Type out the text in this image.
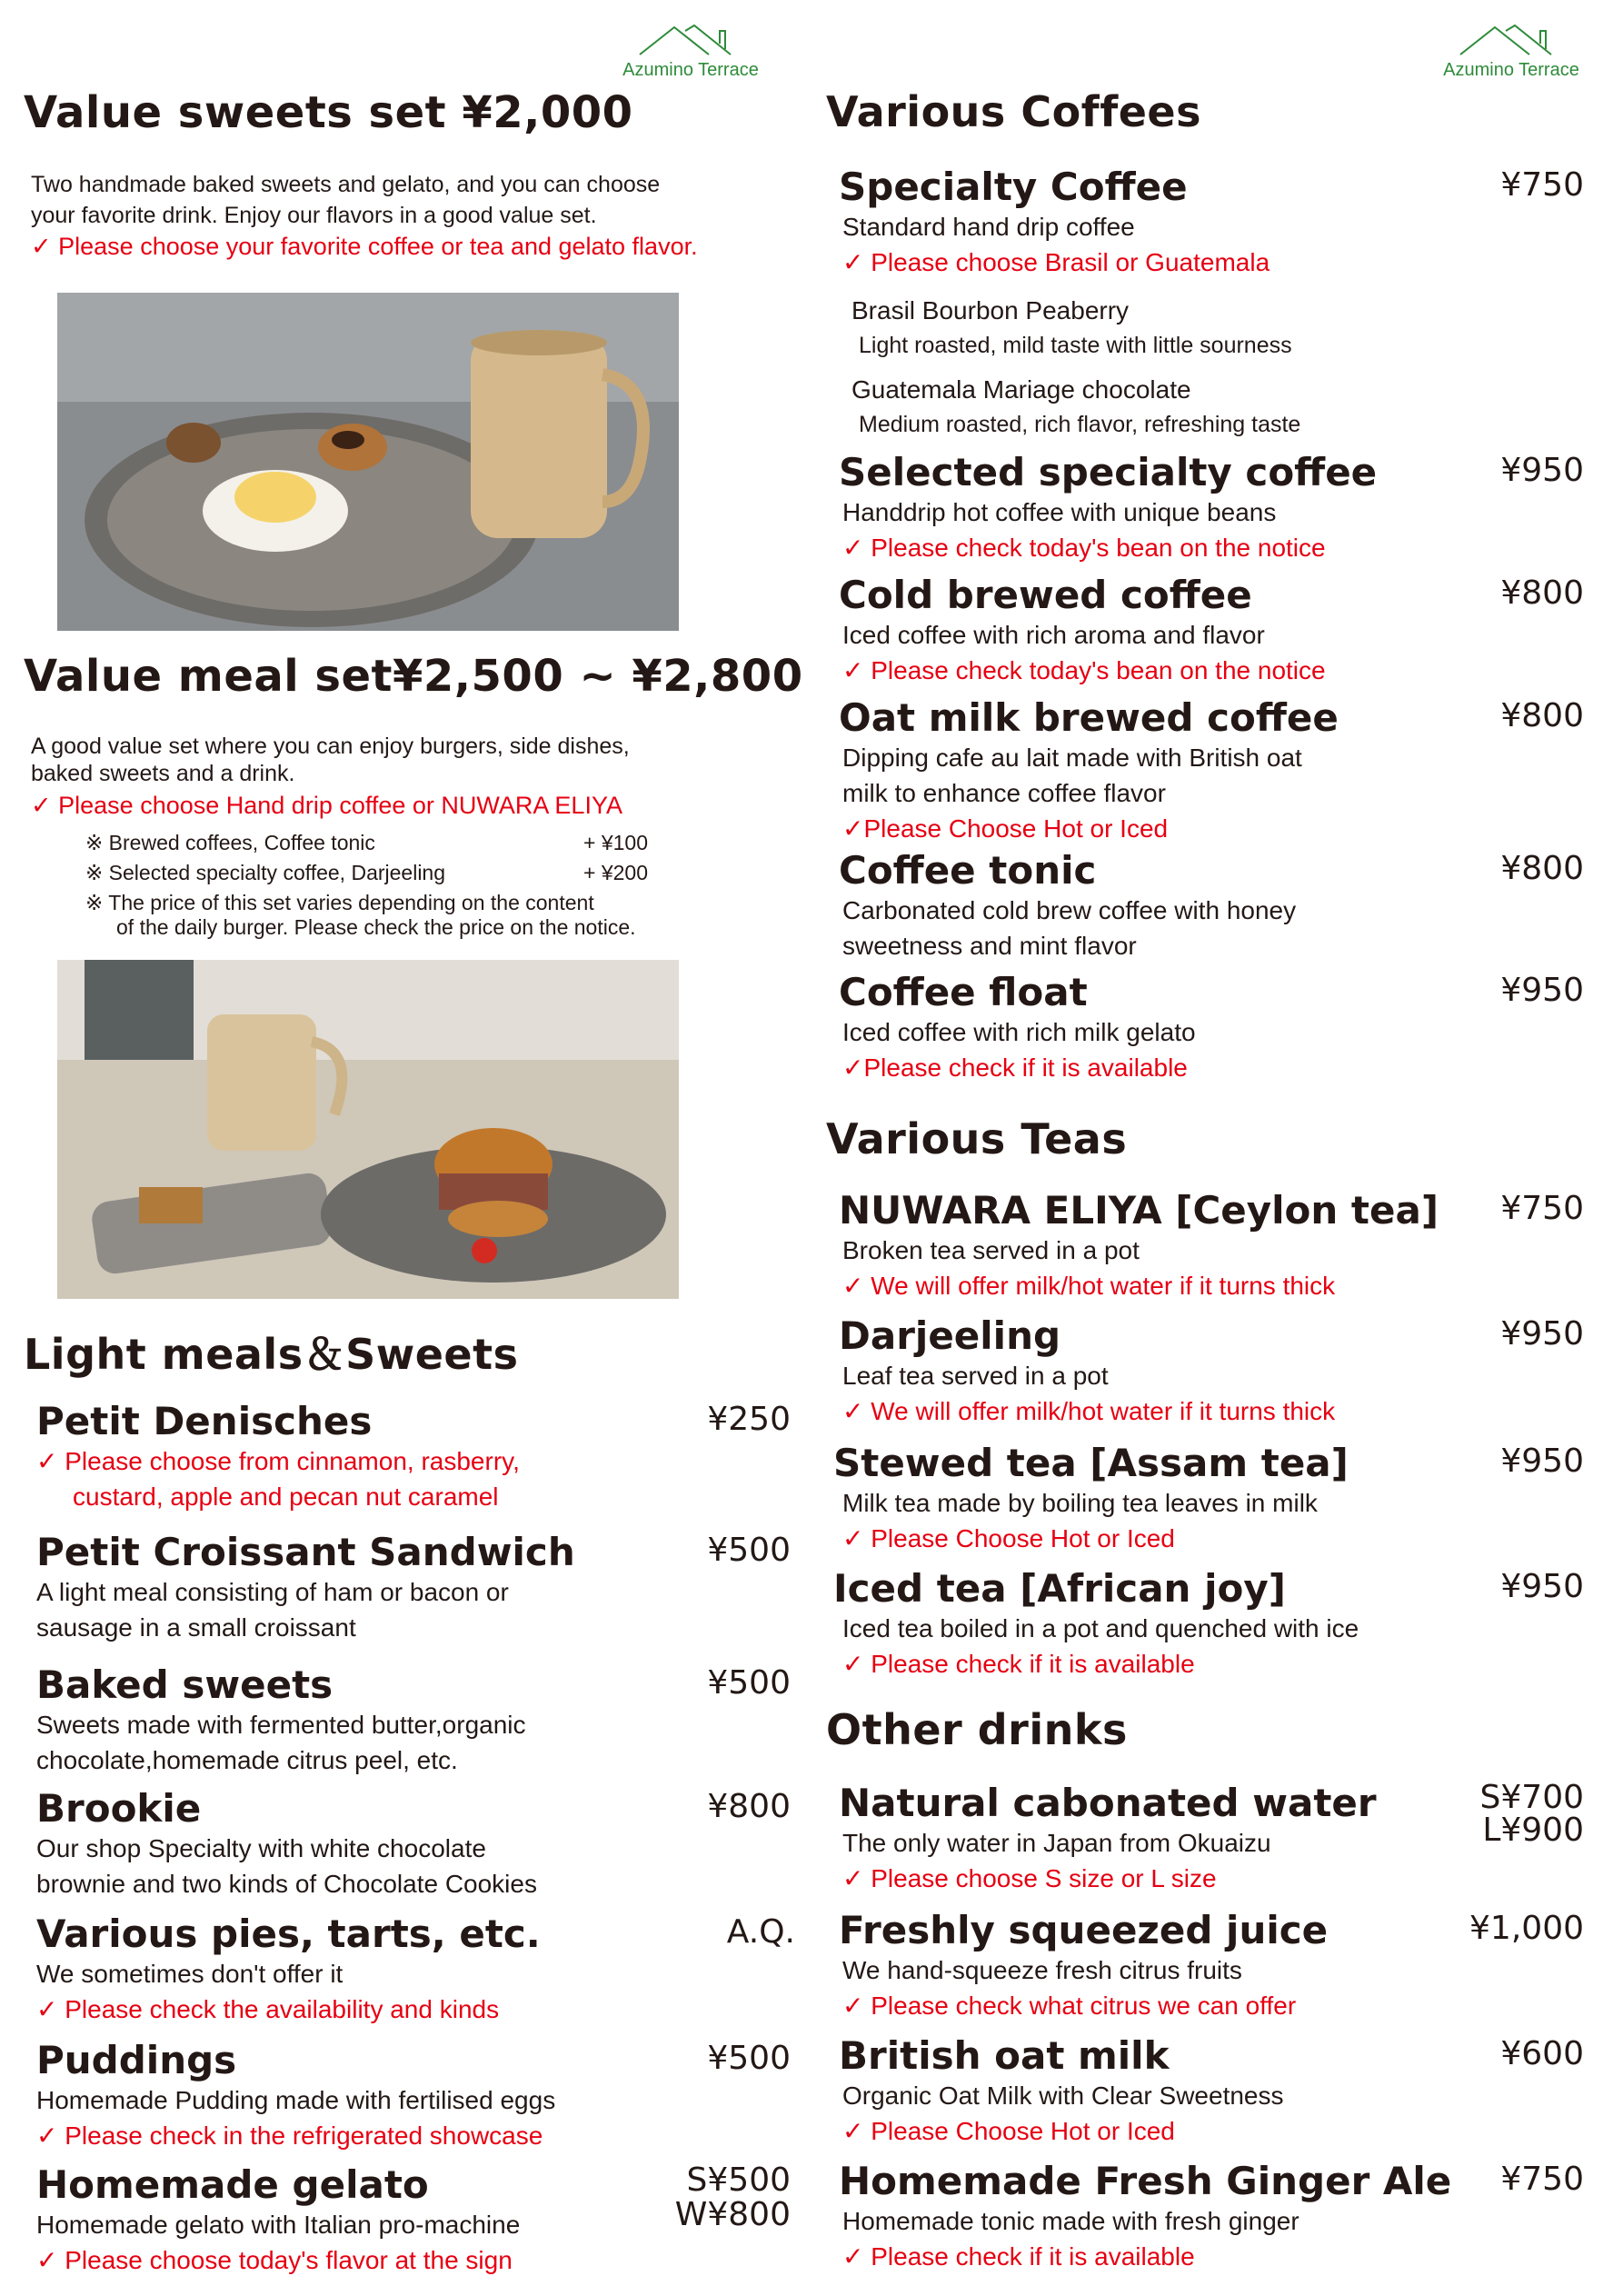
Azumino Terrace
Value sweets set ¥2,000
Two handmade baked sweets and gelato, and you can choose
your favorite drink. Enjoy our flavors in a good value set.
✓ Please choose your favorite coffee or tea and gelato flavor.
Value meal set¥2,500 ~ ¥2,800
A good value set where you can enjoy burgers, side dishes,
baked sweets and a drink.
✓ Please choose Hand drip coffee or NUWARA ELIYA
※ Brewed coffees, Coffee tonic	+ ¥100
※ Selected specialty coffee, Darjeeling	+ ¥200
※ The price of this set varies depending on the content
of the daily burger. Please check the price on the notice.
Light meals＆Sweets
Petit Denisches	¥250
✓ Please choose from cinnamon, rasberry,
custard, apple and pecan nut caramel
Petit Croissant Sandwich	¥500
A light meal consisting of ham or bacon or
sausage in a small croissant
Baked sweets	¥500
Sweets made with fermented butter,organic
chocolate,homemade citrus peel, etc.
Brookie	¥800
Our shop Specialty with white chocolate
brownie and two kinds of Chocolate Cookies
Various pies, tarts, etc.	A.Q.
We sometimes don't offer it
✓ Please check the availability and kinds
Puddings	¥500
Homemade Pudding made with fertilised eggs
✓ Please check in the refrigerated showcase
Homemade gelato	S¥500
W¥800
Homemade gelato with Italian pro-machine
✓ Please choose today's flavor at the sign
Azumino Terrace
Various Coffees
Specialty Coffee	¥750
Standard hand drip coffee
✓ Please choose Brasil or Guatemala
Brasil Bourbon Peaberry
Light roasted, mild taste with little sourness
Guatemala Mariage chocolate
Medium roasted, rich flavor, refreshing taste
Selected specialty coffee	¥950
Handdrip hot coffee with unique beans
✓ Please check today's bean on the notice
Cold brewed coffee	¥800
Iced coffee with rich aroma and flavor
✓ Please check today's bean on the notice
Oat milk brewed coffee	¥800
Dipping cafe au lait made with British oat
milk to enhance coffee flavor
✓Please Choose Hot or Iced
Coffee tonic	¥800
Carbonated cold brew coffee with honey
sweetness and mint flavor
Coffee float	¥950
Iced coffee with rich milk gelato
✓Please check if it is available
Various Teas
NUWARA ELIYA [Ceylon tea]	¥750
Broken tea served in a pot
✓ We will offer milk/hot water if it turns thick
Darjeeling	¥950
Leaf tea served in a pot
✓ We will offer milk/hot water if it turns thick
Stewed tea [Assam tea]	¥950
Milk tea made by boiling tea leaves in milk
✓ Please Choose Hot or Iced
Iced tea [African joy]	¥950
Iced tea boiled in a pot and quenched with ice
✓ Please check if it is available
Other drinks
Natural cabonated water	S¥700
L¥900
The only water in Japan from Okuaizu
✓ Please choose S size or L size
Freshly squeezed juice	¥1,000
We hand-squeeze fresh citrus fruits
✓ Please check what citrus we can offer
British oat milk	¥600
Organic Oat Milk with Clear Sweetness
✓ Please Choose Hot or Iced
Homemade Fresh Ginger Ale	¥750
Homemade tonic made with fresh ginger
✓ Please check if it is available
